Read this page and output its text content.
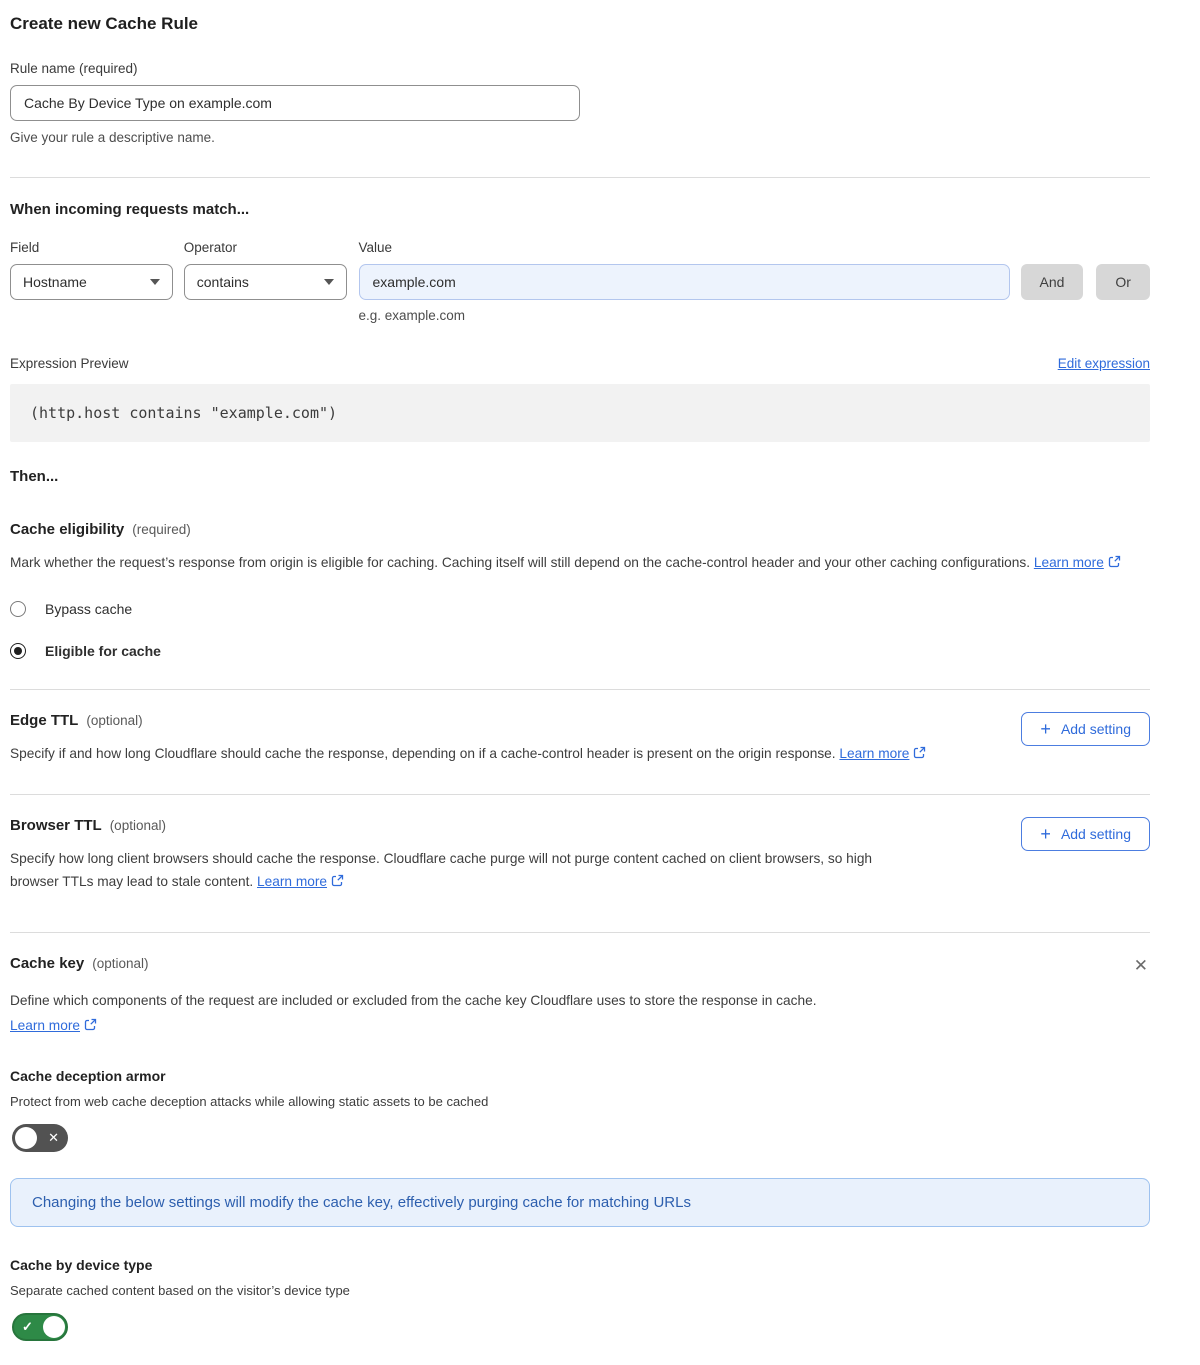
Create new Cache Rule
Rule name (required)
Cache By Device Type on example.com
Give your rule a descriptive name.
When incoming requests match...
Field
Hostname
Operator
contains
Value
example.com
e.g. example.com
And	Or
Expression Preview	Edit expression
(http.host contains "example.com")
Then...
Cache eligibility (required)

Mark whether the request’s response from origin is eligible for caching. Caching itself will still depend on the cache-control header and your other caching configurations. Learn more

Bypass cache
Eligible for cache
Edge TTL (optional)

Specify if and how long Cloudflare should cache the response, depending on if a cache-control header is present on the origin response. Learn more

+ Add setting
Browser TTL (optional)

Specify how long client browsers should cache the response. Cloudflare cache purge will not purge content cached on client browsers, so high browser TTLs may lead to stale content. Learn more

+ Add setting
Cache key (optional)	✕

Define which components of the request are included or excluded from the cache key Cloudflare uses to store the response in cache.

Learn more
Cache deception armor
Protect from web cache deception attacks while allowing static assets to be cached
✕
Changing the below settings will modify the cache key, effectively purging cache for matching URLs
Cache by device type
Separate cached content based on the visitor’s device type
✓
